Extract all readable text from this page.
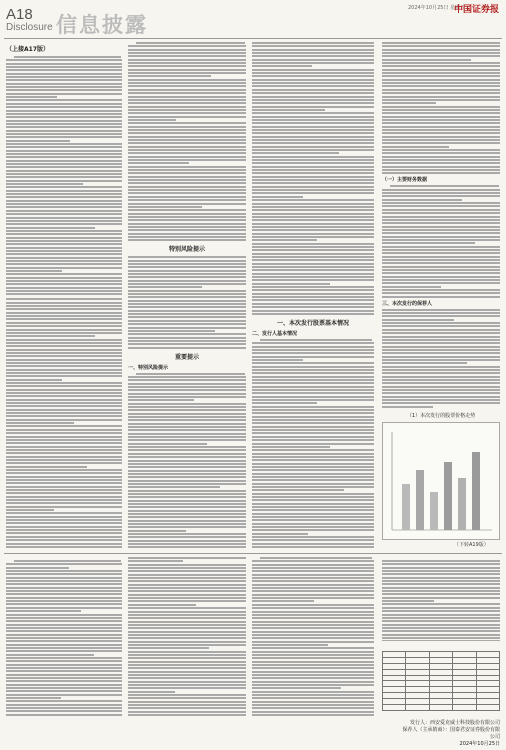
A18
Disclosure 信息披露
2024年10月25日 星期五
中国证券报
（上接A17版）
特别风险提示
重要提示
一、特别风险提示
一、本次发行股票基本情况
二、发行人基本情况
（一）主要财务数据
三、本次发行的保荐人
（1）本次发行的股票价格走势
（下转A19版）

发行人：西安爱克威士科技股份有限公司
保荐人（主承销商）：国泰君安证券股份有限公司
2024年10月25日
